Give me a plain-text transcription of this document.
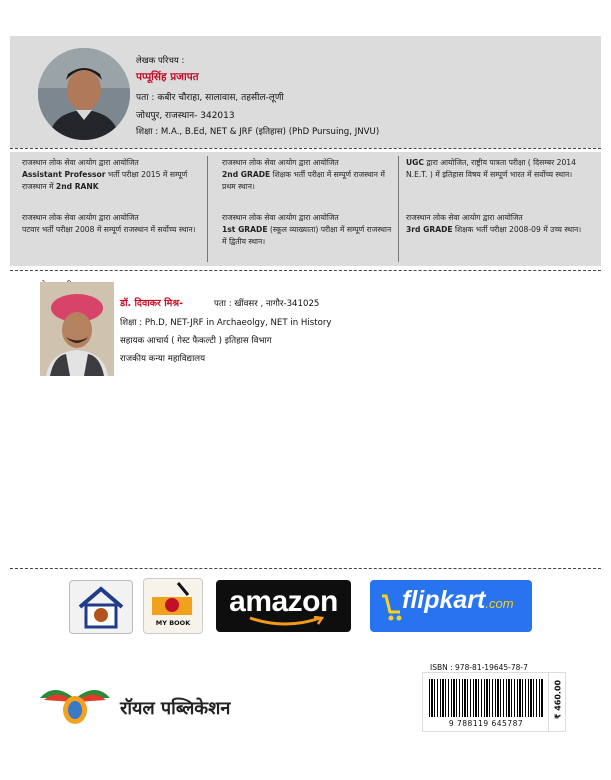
लेखक परिचय :
पप्पूसिंह प्रजापत
पता : कबीर चौराहा, सालावास, तहसील-लूणी
जोधपुर, राजस्थान- 342013
शिक्षा : M.A., B.Ed, NET & JRF (इतिहास) (PhD Pursuing, JNVU)
राजस्थान लोक सेवा आयोग द्वारा आयोजित
Assistant Professor भर्ती परीक्षा 2015 में सम्पूर्ण राजस्थान में 2nd RANK
राजस्थान लोक सेवा आयोग द्वारा आयोजित
2nd GRADE शिक्षक भर्ती परीक्षा में सम्पूर्ण राजस्थान में प्रथम स्थान।
UGC द्वारा आयोजित, राष्ट्रीय पात्रता परीक्षा ( दिसम्बर 2014 N.E.T. ) में इतिहास विषय में सम्पूर्ण भारत में सर्वोच्च स्थान।
राजस्थान लोक सेवा आयोग द्वारा आयोजित
पटवार भर्ती परीक्षा 2008 में सम्पूर्ण राजस्थान में सर्वोच्च स्थान।
राजस्थान लोक सेवा आयोग द्वारा आयोजित
1st GRADE (स्कूल व्याख्याता) परीक्षा में सम्पूर्ण राजस्थान में द्वितीय स्थान।
राजस्थान लोक सेवा आयोग द्वारा आयोजित
3rd GRADE शिक्षक भर्ती परीक्षा 2008-09 में उच्च स्थान।
डॉ. दिवाकर मिश्र-	पता : खींवसर , नागौर-341025
शिक्षा : Ph.D, NET-JRF in Archaeolgy, NET in History
सहायक आचार्य ( गेस्ट फैकल्टी ) इतिहास विभाग
राजकीय कन्या महाविद्यालय
MY BOOK
amazon	flipkart.com
रॉयल पब्लिकेशन
ISBN : 978-81-19645-78-7
9 788119 645787
₹ 460.00
